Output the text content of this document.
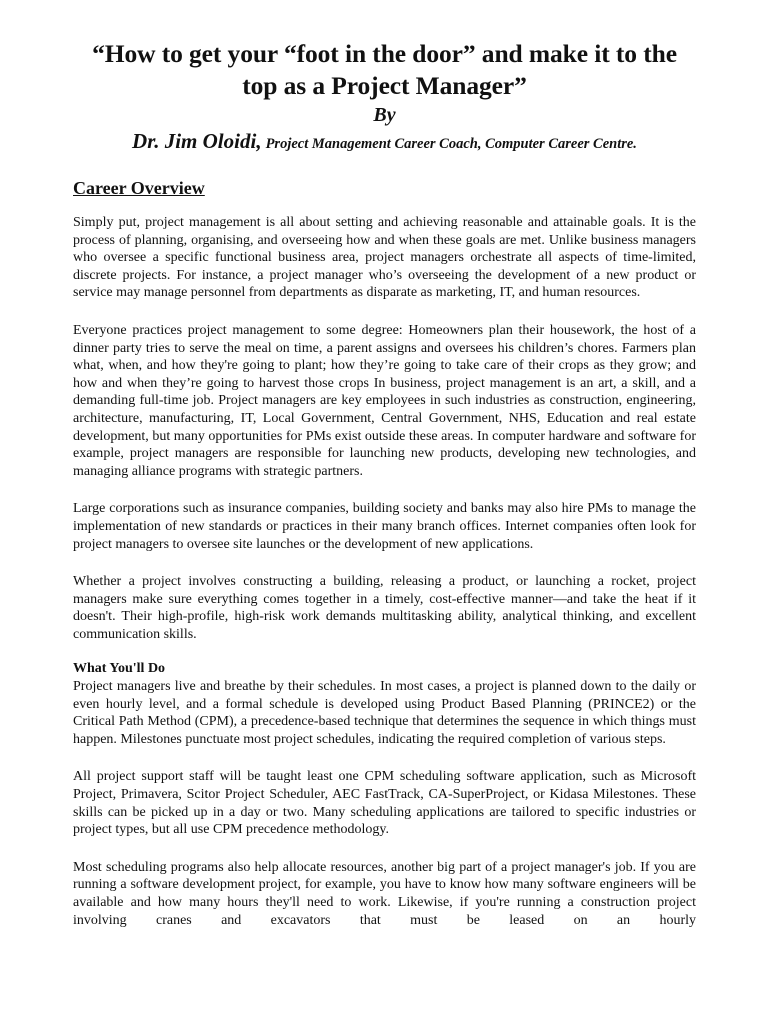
“How to get your “foot in the door” and make it to the top as a Project Manager”
By
Dr. Jim Oloidi, Project Management Career Coach, Computer Career Centre.
Career Overview

Simply put, project management is all about setting and achieving reasonable and attainable goals. It is the process of planning, organising, and overseeing how and when these goals are met. Unlike business managers who oversee a specific functional business area, project managers orchestrate all aspects of time-limited, discrete projects. For instance, a project manager who’s overseeing the development of a new product or service may manage personnel from departments as disparate as marketing, IT, and human resources.

Everyone practices project management to some degree: Homeowners plan their housework, the host of a dinner party tries to serve the meal on time, a parent assigns and oversees his children’s chores. Farmers plan what, when, and how they're going to plant; how they’re going to take care of their crops as they grow; and how and when they’re going to harvest those crops In business, project management is an art, a skill, and a demanding full-time job. Project managers are key employees in such industries as construction, engineering, architecture, manufacturing, IT, Local Government, Central Government, NHS, Education and real estate development, but many opportunities for PMs exist outside these areas. In computer hardware and software for example, project managers are responsible for launching new products, developing new technologies, and managing alliance programs with strategic partners.

Large corporations such as insurance companies, building society and banks may also hire PMs to manage the implementation of new standards or practices in their many branch offices. Internet companies often look for project managers to oversee site launches or the development of new applications.

Whether a project involves constructing a building, releasing a product, or launching a rocket, project managers make sure everything comes together in a timely, cost-effective manner—and take the heat if it doesn't. Their high-profile, high-risk work demands multitasking ability, analytical thinking, and excellent communication skills.

What You'll Do

Project managers live and breathe by their schedules. In most cases, a project is planned down to the daily or even hourly level, and a formal schedule is developed using Product Based Planning (PRINCE2) or the Critical Path Method (CPM), a precedence-based technique that determines the sequence in which things must happen. Milestones punctuate most project schedules, indicating the required completion of various steps.

All project support staff will be taught least one CPM scheduling software application, such as Microsoft Project, Primavera, Scitor Project Scheduler, AEC FastTrack, CA-SuperProject, or Kidasa Milestones. These skills can be picked up in a day or two. Many scheduling applications are tailored to specific industries or project types, but all use CPM precedence methodology.

Most scheduling programs also help allocate resources, another big part of a project manager's job. If you are running a software development project, for example, you have to know how many software engineers will be available and how many hours they'll need to work. Likewise, if you're running a construction project involving cranes and excavators that must be leased on an hourly
